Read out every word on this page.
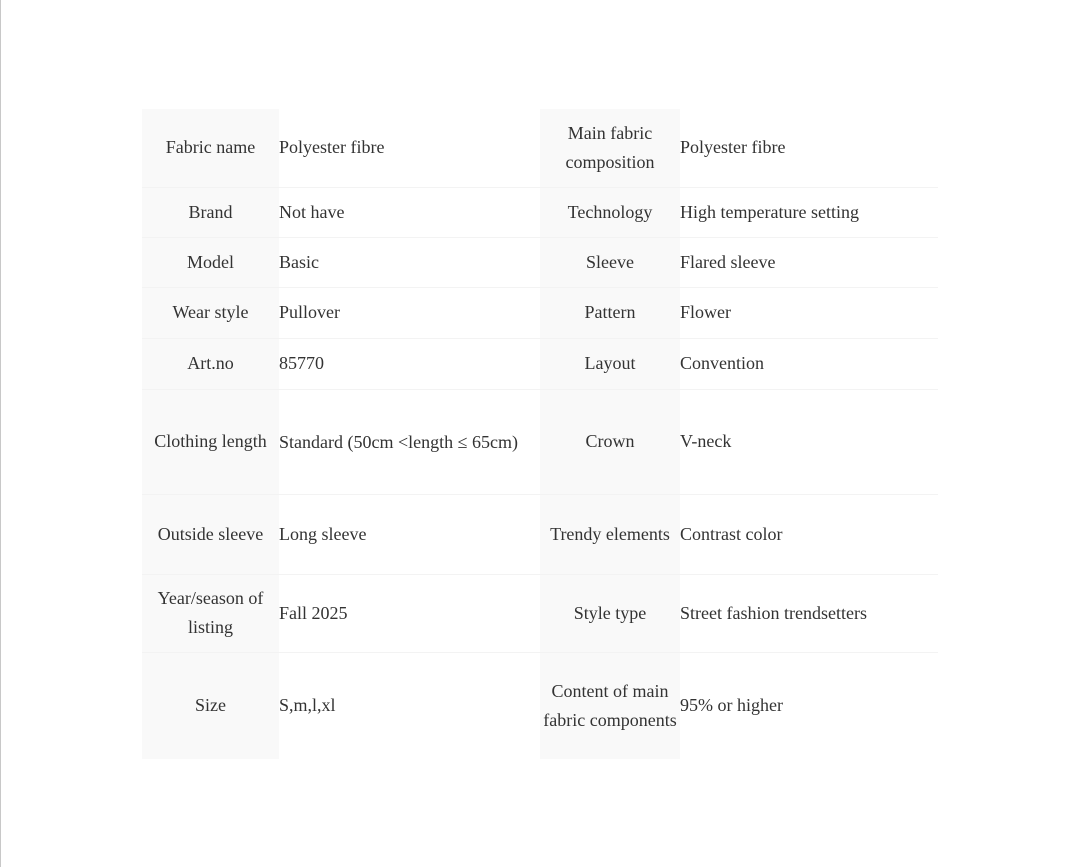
Fabric name	Polyester fibre	Main fabric composition	Polyester fibre
Brand	Not have	Technology	High temperature setting
Model	Basic	Sleeve	Flared sleeve
Wear style	Pullover	Pattern	Flower
Art.no	85770	Layout	Convention
Clothing length	Standard (50cm <length ≤ 65cm)	Crown	V-neck
Outside sleeve	Long sleeve	Trendy elements	Contrast color
Year/season of listing	Fall 2025	Style type	Street fashion trendsetters
Size	S,m,l,xl	Content of main fabric components	95% or higher
